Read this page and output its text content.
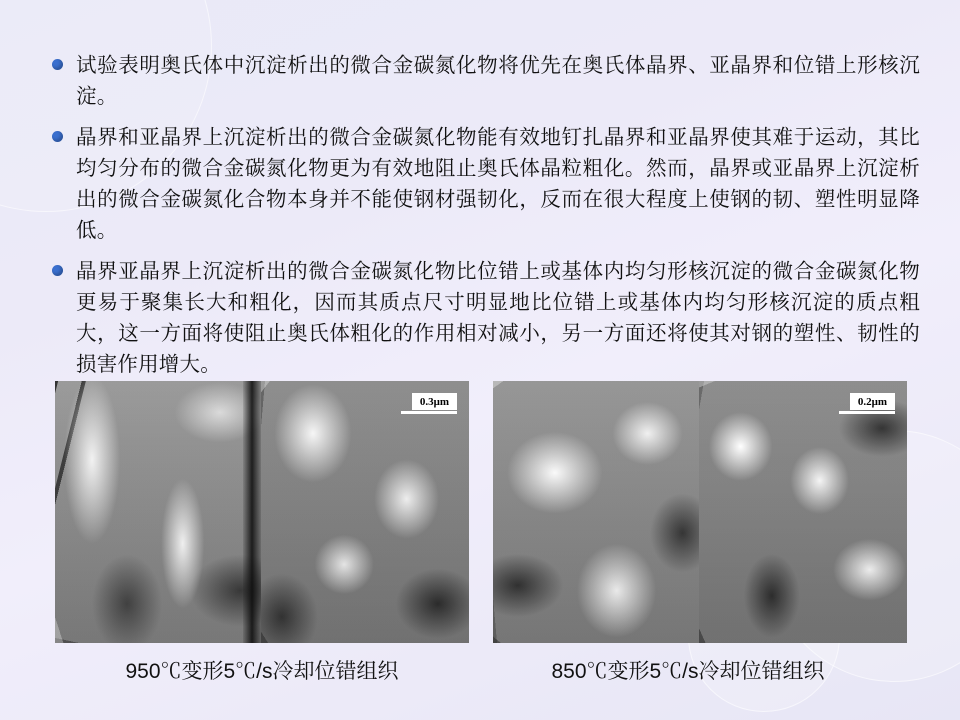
试验表明奥氏体中沉淀析出的微合金碳氮化物将优先在奥氏体晶界、亚晶界和位错上形核沉淀。
晶界和亚晶界上沉淀析出的微合金碳氮化物能有效地钉扎晶界和亚晶界使其难于运动，其比均匀分布的微合金碳氮化物更为有效地阻止奥氏体晶粒粗化。然而，晶界或亚晶界上沉淀析出的微合金碳氮化合物本身并不能使钢材强韧化，反而在很大程度上使钢的韧、塑性明显降低。
晶界亚晶界上沉淀析出的微合金碳氮化物比位错上或基体内均匀形核沉淀的微合金碳氮化物更易于聚集长大和粗化，因而其质点尺寸明显地比位错上或基体内均匀形核沉淀的质点粗大，这一方面将使阻止奥氏体粗化的作用相对减小，另一方面还将使其对钢的塑性、韧性的损害作用增大。
0.3μm	0.2μm
950℃变形5℃/s冷却位错组织	850℃变形5℃/s冷却位错组织
